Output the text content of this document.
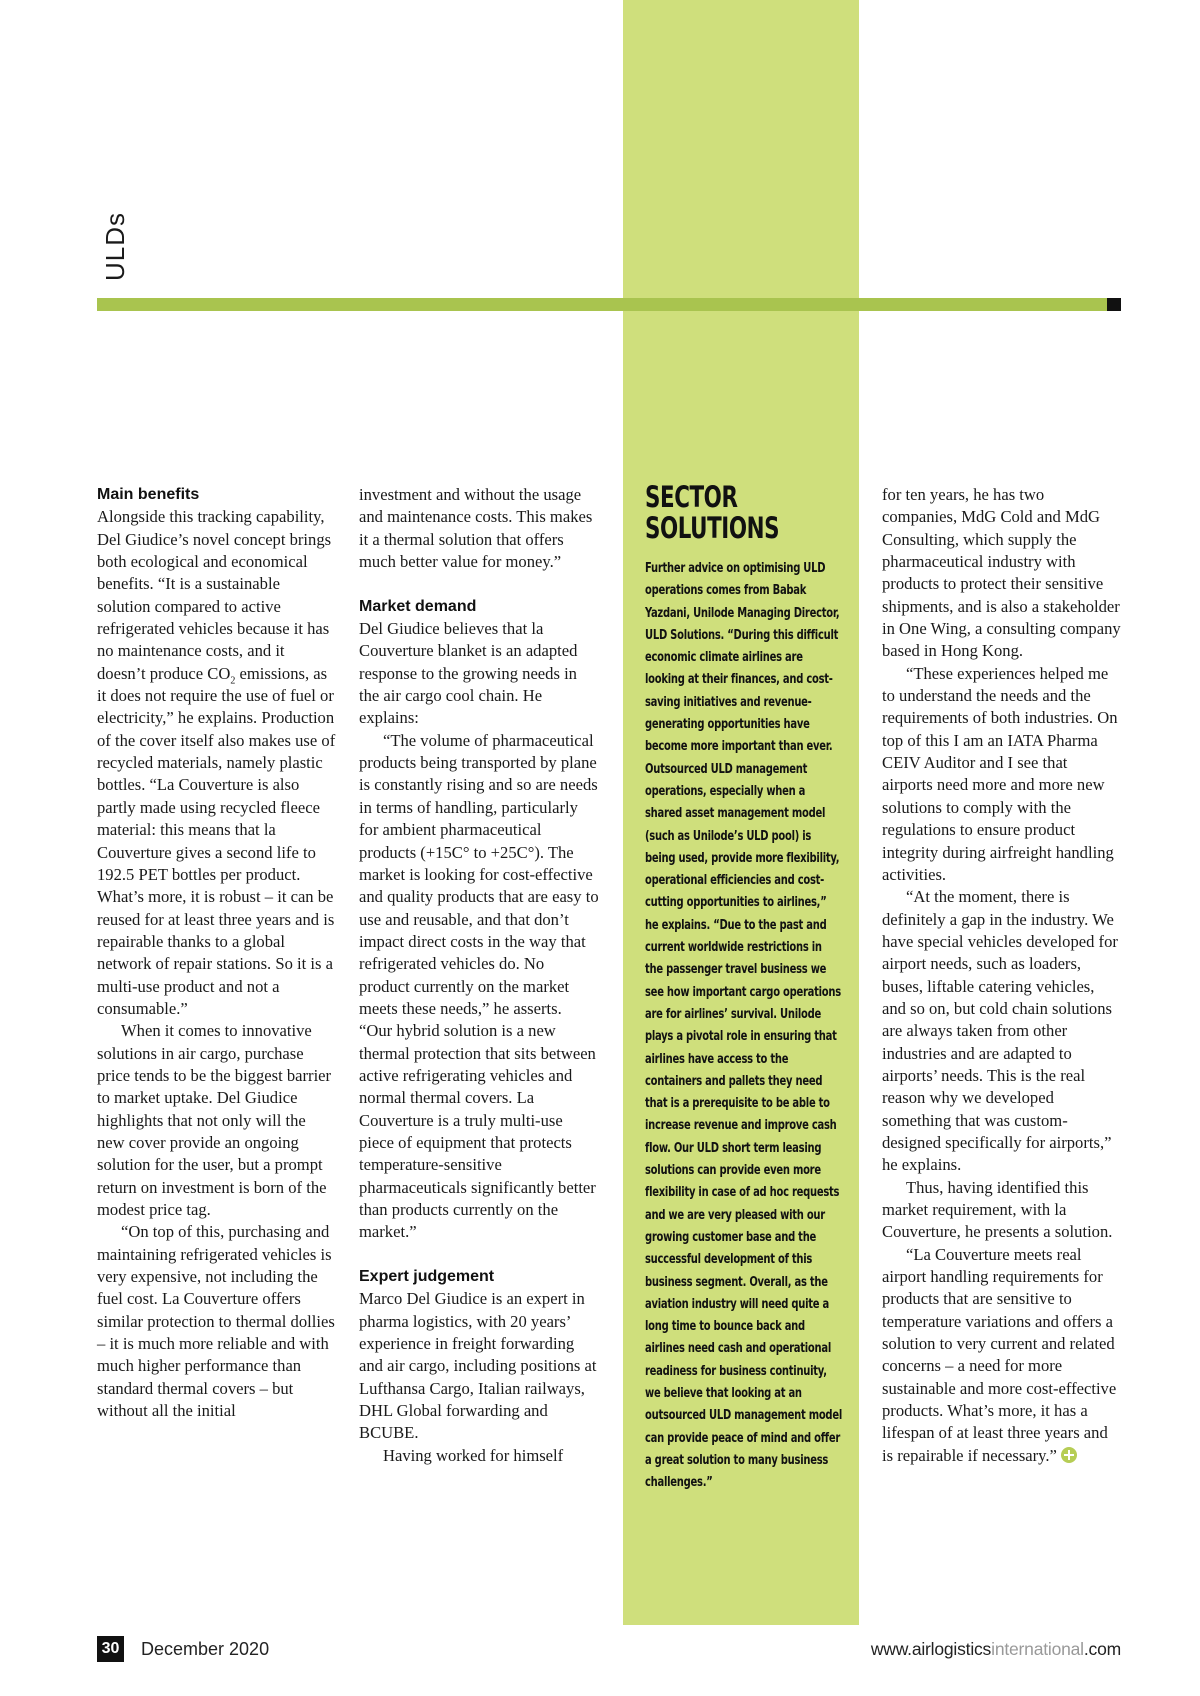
ULDs
Main benefits

Alongside this tracking capability, Del Giudice’s novel concept brings both ecological and economical benefits. “It is a sustainable solution compared to active refrigerated vehicles because it has no maintenance costs, and it doesn’t produce $CO_2$ emissions, as it does not require the use of fuel or electricity,” he explains. Production of the cover itself also makes use of recycled materials, namely plastic bottles. “La Couverture is also partly made using recycled fleece material: this means that la Couverture gives a second life to 192.5 PET bottles per product. What’s more, it is robust – it can be reused for at least three years and is repairable thanks to a global network of repair stations. So it is a multi-use product and not a consumable.”

When it comes to innovative solutions in air cargo, purchase price tends to be the biggest barrier to market uptake. Del Giudice highlights that not only will the new cover provide an ongoing solution for the user, but a prompt return on investment is born of the modest price tag.

“On top of this, purchasing and maintaining refrigerated vehicles is very expensive, not including the fuel cost. La Couverture offers similar protection to thermal dollies – it is much more reliable and with much higher performance than standard thermal covers – but without all the initial

investment and without the usage and maintenance costs. This makes it a thermal solution that offers much better value for money.”

Market demand

Del Giudice believes that la Couverture blanket is an adapted response to the growing needs in the air cargo cool chain. He explains:

“The volume of pharmaceutical products being transported by plane is constantly rising and so are needs in terms of handling, particularly for ambient pharmaceutical products (+15C° to +25C°). The market is looking for cost-effective and quality products that are easy to use and reusable, and that don’t impact direct costs in the way that refrigerated vehicles do. No product currently on the market meets these needs,” he asserts. “Our hybrid solution is a new thermal protection that sits between active refrigerating vehicles and normal thermal covers. La Couverture is a truly multi-use piece of equipment that protects temperature-sensitive pharmaceuticals significantly better than products currently on the market.”

Expert judgement

Marco Del Giudice is an expert in pharma logistics, with 20 years’ experience in freight forwarding and air cargo, including positions at Lufthansa Cargo, Italian railways, DHL Global forwarding and BCUBE.

Having worked for himself

SECTOR
SOLUTIONS

Further advice on optimising ULD operations comes from Babak Yazdani, Unilode Managing Director, ULD Solutions. “During this difficult economic climate airlines are looking at their finances, and cost-saving initiatives and revenue-generating opportunities have become more important than ever. Outsourced ULD management operations, especially when a shared asset management model (such as Unilode’s ULD pool) is being used, provide more flexibility, operational efficiencies and cost-cutting opportunities to airlines,” he explains. “Due to the past and current worldwide restrictions in the passenger travel business we see how important cargo operations are for airlines’ survival. Unilode plays a pivotal role in ensuring that airlines have access to the containers and pallets they need that is a prerequisite to be able to increase revenue and improve cash flow. Our ULD short term leasing solutions can provide even more flexibility in case of ad hoc requests and we are very pleased with our growing customer base and the successful development of this business segment. Overall, as the aviation industry will need quite a long time to bounce back and airlines need cash and operational readiness for business continuity, we believe that looking at an outsourced ULD management model can provide peace of mind and offer a great solution to many business challenges.”

for ten years, he has two companies, MdG Cold and MdG Consulting, which supply the pharmaceutical industry with products to protect their sensitive shipments, and is also a stakeholder in One Wing, a consulting company based in Hong Kong.

“These experiences helped me to understand the needs and the requirements of both industries. On top of this I am an IATA Pharma CEIV Auditor and I see that airports need more and more new solutions to comply with the regulations to ensure product integrity during airfreight handling activities.

“At the moment, there is definitely a gap in the industry. We have special vehicles developed for airport needs, such as loaders, buses, liftable catering vehicles, and so on, but cold chain solutions are always taken from other industries and are adapted to airports’ needs. This is the real reason why we developed something that was custom-designed specifically for airports,” he explains.

Thus, having identified this market requirement, with la Couverture, he presents a solution.

“La Couverture meets real airport handling requirements for products that are sensitive to temperature variations and offers a solution to very current and related concerns – a need for more sustainable and more cost-effective products. What’s more, it has a lifespan of at least three years and is repairable if necessary.”

30 December 2020	www.airlogisticsinternational.com
